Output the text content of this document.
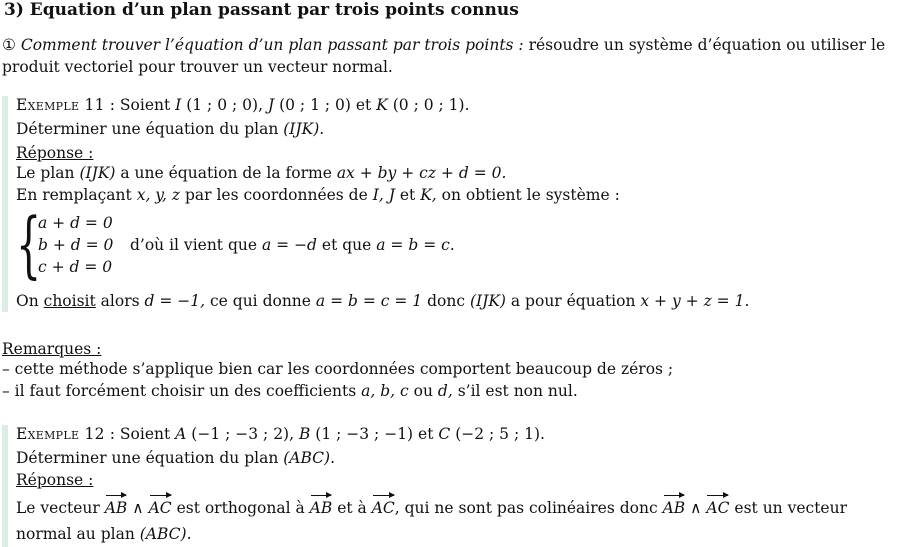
3) Equation d’un plan passant par trois points connus
① Comment trouver l’équation d’un plan passant par trois points : résoudre un système d’équation ou utiliser le
produit vectoriel pour trouver un vecteur normal.
Exemple 11 : Soient I (1 ; 0 ; 0), J (0 ; 1 ; 0) et K (0 ; 0 ; 1).
Déterminer une équation du plan (IJK).
Réponse :
Le plan (IJK) a une équation de la forme ax + by + cz + d = 0.
En remplaçant x, y, z par les coordonnées de I, J et K, on obtient le système :
{
a + d = 0
b + d = 0
c + d = 0
d’où il vient que a = −d et que a = b = c.
On choisit alors d = −1, ce qui donne a = b = c = 1 donc (IJK) a pour équation x + y + z = 1.
Remarques :
– cette méthode s’applique bien car les coordonnées comportent beaucoup de zéros ;
– il faut forcément choisir un des coefficients a, b, c ou d, s’il est non nul.
Exemple 12 : Soient A (−1 ; −3 ; 2), B (1 ; −3 ; −1) et C (−2 ; 5 ; 1).
Déterminer une équation du plan (ABC).
Réponse :
Le vecteur AB ∧ AC est orthogonal à AB et à AC, qui ne sont pas colinéaires donc AB ∧ AC est un vecteur
normal au plan (ABC).
